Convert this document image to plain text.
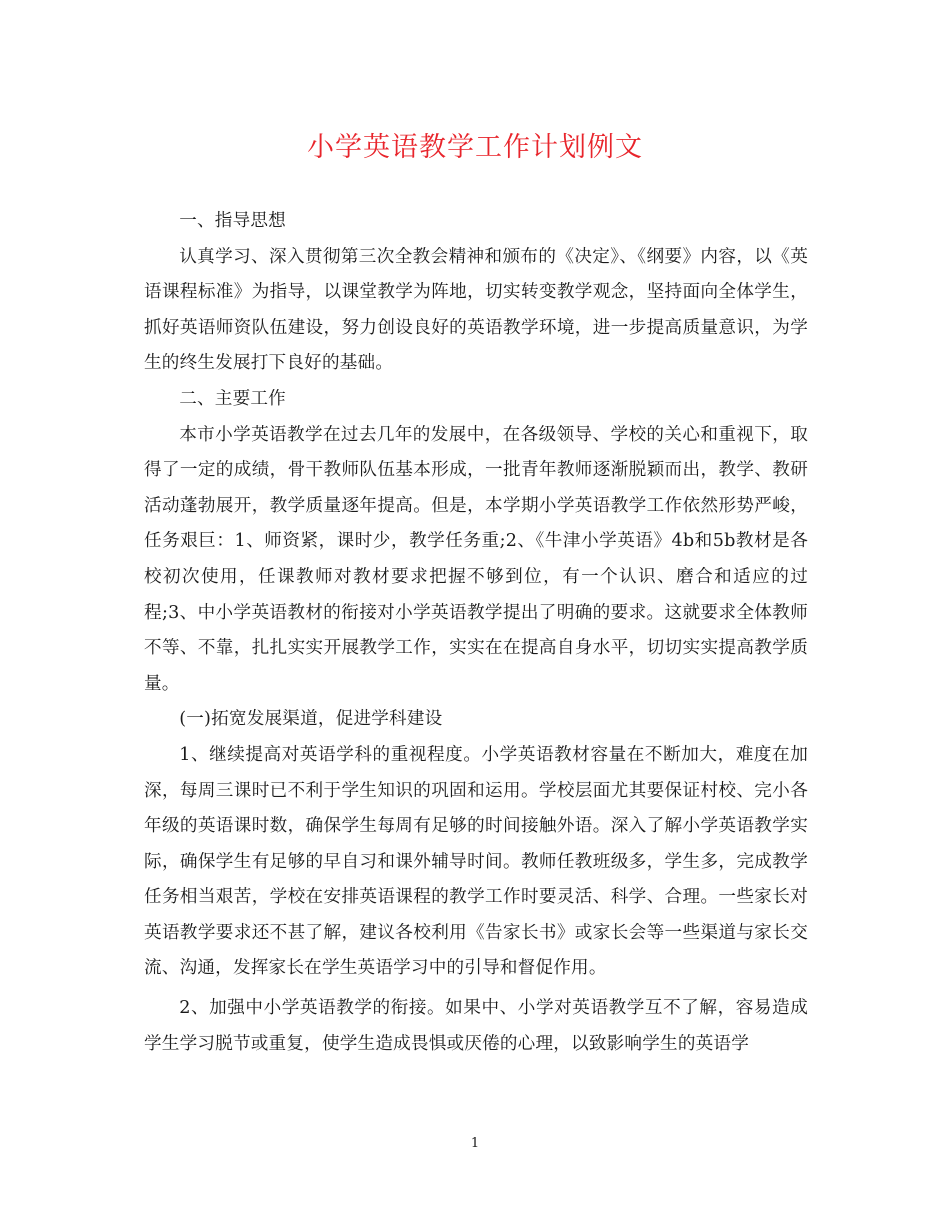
小学英语教学工作计划例文

一、指导思想

认真学习、深入贯彻第三次全教会精神和颁布的《决定》、《纲要》内容，以《英语课程标准》为指导，以课堂教学为阵地，切实转变教学观念，坚持面向全体学生，抓好英语师资队伍建设，努力创设良好的英语教学环境，进一步提高质量意识，为学生的终生发展打下良好的基础。

二、主要工作

本市小学英语教学在过去几年的发展中，在各级领导、学校的关心和重视下，取得了一定的成绩，骨干教师队伍基本形成，一批青年教师逐渐脱颖而出，教学、教研活动蓬勃展开，教学质量逐年提高。但是，本学期小学英语教学工作依然形势严峻，任务艰巨：1、师资紧，课时少，教学任务重;2、《牛津小学英语》4b和5b教材是各校初次使用，任课教师对教材要求把握不够到位，有一个认识、磨合和适应的过程;3、中小学英语教材的衔接对小学英语教学提出了明确的要求。这就要求全体教师不等、不靠，扎扎实实开展教学工作，实实在在提高自身水平，切切实实提高教学质量。

(一)拓宽发展渠道，促进学科建设

1、继续提高对英语学科的重视程度。小学英语教材容量在不断加大，难度在加深，每周三课时已不利于学生知识的巩固和运用。学校层面尤其要保证村校、完小各年级的英语课时数，确保学生每周有足够的时间接触外语。深入了解小学英语教学实际，确保学生有足够的早自习和课外辅导时间。教师任教班级多，学生多，完成教学任务相当艰苦，学校在安排英语课程的教学工作时要灵活、科学、合理。一些家长对英语教学要求还不甚了解，建议各校利用《告家长书》或家长会等一些渠道与家长交流、沟通，发挥家长在学生英语学习中的引导和督促作用。

2、加强中小学英语教学的衔接。如果中、小学对英语教学互不了解，容易造成学生学习脱节或重复，使学生造成畏惧或厌倦的心理，以致影响学生的英语学

1
